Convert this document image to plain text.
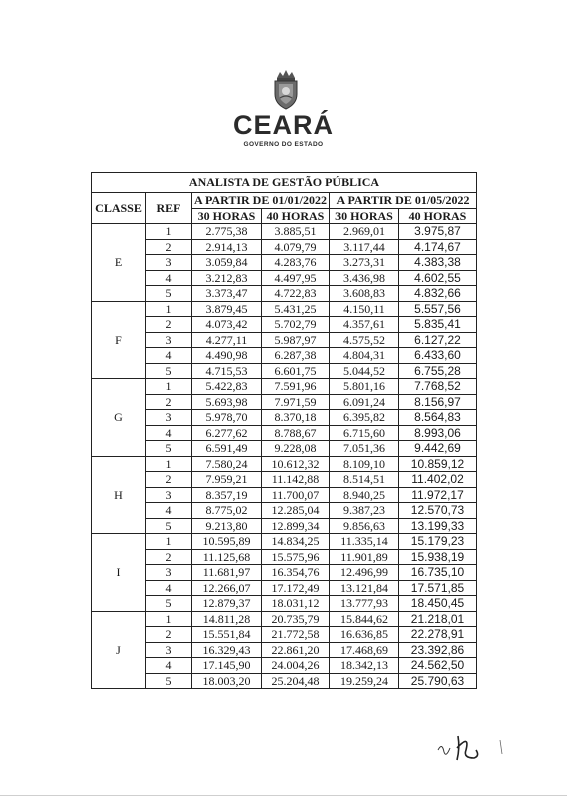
CEARÁ
GOVERNO DO ESTADO
ANALISTA DE GESTÃO PÚBLICA					
CLASSE	REF	A PARTIR DE 01/01/2022		A PARTIR DE 01/05/2022	
		30 HORAS	40 HORAS	30 HORAS	40 HORAS
E	1	2.775,38	3.885,51	2.969,01	3.975,87
	2	2.914,13	4.079,79	3.117,44	4.174,67
	3	3.059,84	4.283,76	3.273,31	4.383,38
	4	3.212,83	4.497,95	3.436,98	4.602,55
	5	3.373,47	4.722,83	3.608,83	4.832,66
F	1	3.879,45	5.431,25	4.150,11	5.557,56
	2	4.073,42	5.702,79	4.357,61	5.835,41
	3	4.277,11	5.987,97	4.575,52	6.127,22
	4	4.490,98	6.287,38	4.804,31	6.433,60
	5	4.715,53	6.601,75	5.044,52	6.755,28
G	1	5.422,83	7.591,96	5.801,16	7.768,52
	2	5.693,98	7.971,59	6.091,24	8.156,97
	3	5.978,70	8.370,18	6.395,82	8.564,83
	4	6.277,62	8.788,67	6.715,60	8.993,06
	5	6.591,49	9.228,08	7.051,36	9.442,69
H	1	7.580,24	10.612,32	8.109,10	10.859,12
	2	7.959,21	11.142,88	8.514,51	11.402,02
	3	8.357,19	11.700,07	8.940,25	11.972,17
	4	8.775,02	12.285,04	9.387,23	12.570,73
	5	9.213,80	12.899,34	9.856,63	13.199,33
I	1	10.595,89	14.834,25	11.335,14	15.179,23
	2	11.125,68	15.575,96	11.901,89	15.938,19
	3	11.681,97	16.354,76	12.496,99	16.735,10
	4	12.266,07	17.172,49	13.121,84	17.571,85
	5	12.879,37	18.031,12	13.777,93	18.450,45
J	1	14.811,28	20.735,79	15.844,62	21.218,01
	2	15.551,84	21.772,58	16.636,85	22.278,91
	3	16.329,43	22.861,20	17.468,69	23.392,86
	4	17.145,90	24.004,26	18.342,13	24.562,50
	5	18.003,20	25.204,48	19.259,24	25.790,63
